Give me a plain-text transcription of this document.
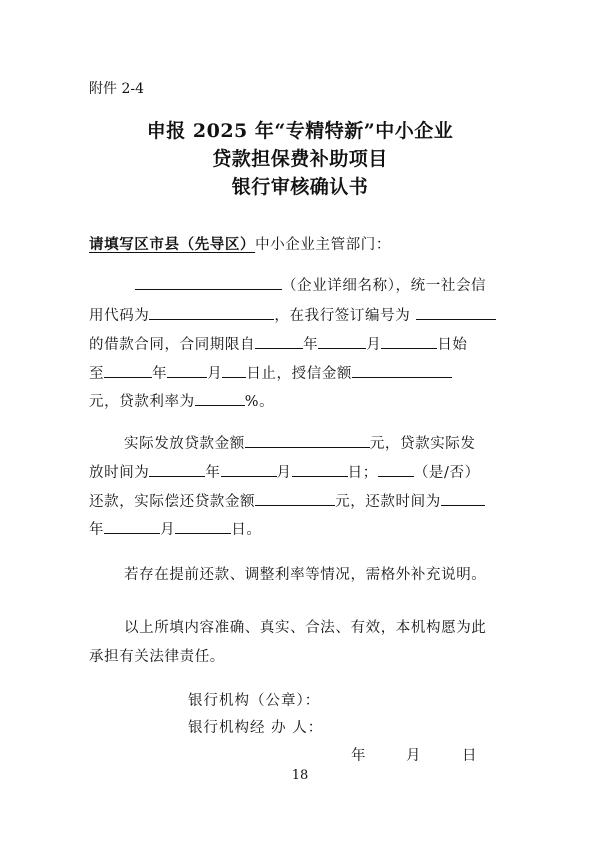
附件 2-4
申报 2025 年“专精特新”中小企业
贷款担保费补助项目
银行审核确认书
请填写区市县（先导区）中小企业主管部门：
（企业详细名称），统一社会信
用代码为	，在我行签订编号为
的借款合同，合同期限自	年	月	日始
至	年	月 日止，授信金额
元，贷款利率为	%。
实际发放贷款金额	元，贷款实际发
放时间为	年	月	日； （是/否）
还款，实际偿还贷款金额	元，还款时间为
年	月	日。
若存在提前还款、调整利率等情况，需格外补充说明。
以上所填内容准确、真实、合法、有效，本机构愿为此
承担有关法律责任。
银行机构（公章）：
银行机构经 办 人：
年	月	日
18
